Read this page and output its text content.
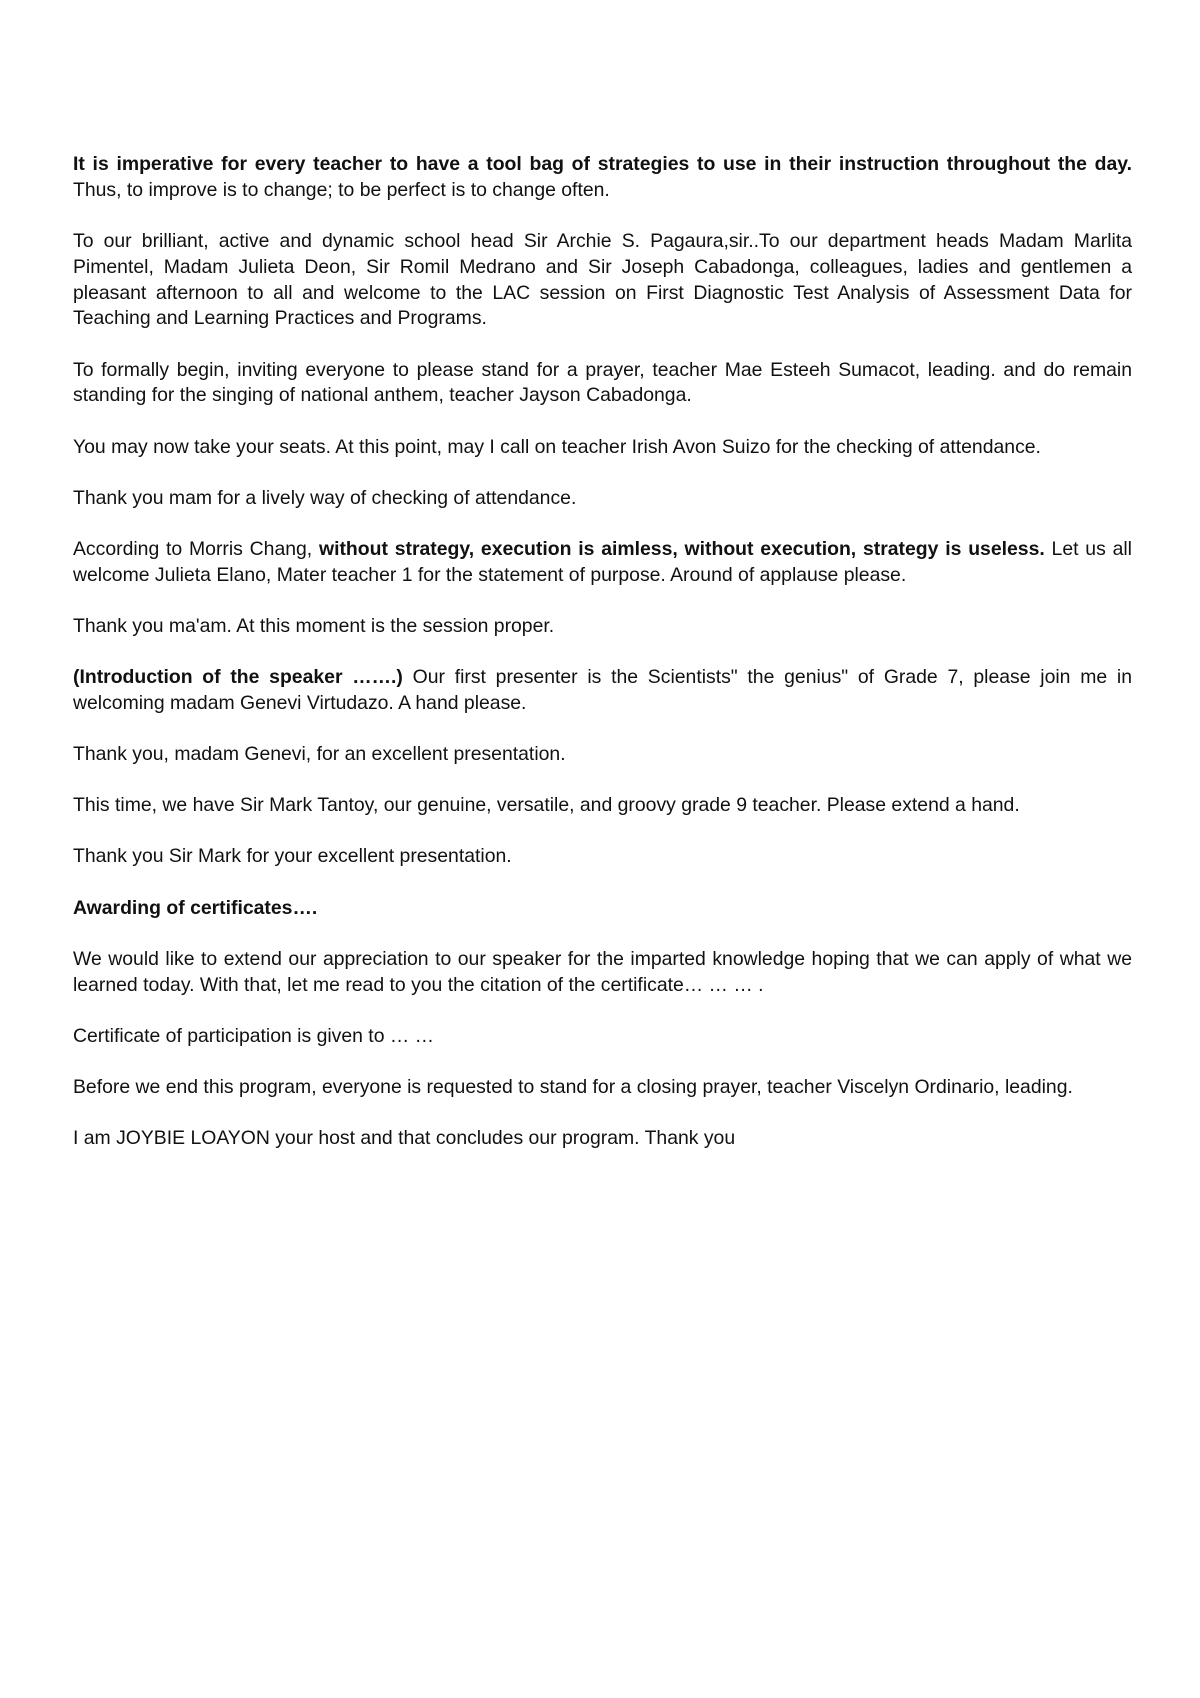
It is imperative for every teacher to have a tool bag of strategies to use in their instruction throughout the day. Thus, to improve is to change; to be perfect is to change often.

To our brilliant, active and dynamic school head Sir Archie S. Pagaura,sir..To our department heads Madam Marlita Pimentel, Madam Julieta Deon, Sir Romil Medrano and Sir Joseph Cabadonga, colleagues, ladies and gentlemen a pleasant afternoon to all and welcome to the LAC session on First Diagnostic Test Analysis of Assessment Data for Teaching and Learning Practices and Programs.

To formally begin, inviting everyone to please stand for a prayer, teacher Mae Esteeh Sumacot, leading. and do remain standing for the singing of national anthem, teacher Jayson Cabadonga.

You may now take your seats. At this point, may I call on teacher Irish Avon Suizo for the checking of attendance.

Thank you mam for a lively way of checking of attendance.

According to Morris Chang, without strategy, execution is aimless, without execution, strategy is useless. Let us all welcome Julieta Elano, Mater teacher 1 for the statement of purpose. Around of applause please.

Thank you ma'am. At this moment is the session proper.

(Introduction of the speaker …….) Our first presenter is the Scientists" the genius" of Grade 7, please join me in welcoming madam Genevi Virtudazo. A hand please.

Thank you, madam Genevi, for an excellent presentation.

This time, we have Sir Mark Tantoy, our genuine, versatile, and groovy grade 9 teacher. Please extend a hand.

Thank you Sir Mark for your excellent presentation.

Awarding of certificates….

We would like to extend our appreciation to our speaker for the imparted knowledge hoping that we can apply of what we learned today. With that, let me read to you the citation of the certificate… … … .

Certificate of participation is given to … …

Before we end this program, everyone is requested to stand for a closing prayer, teacher Viscelyn Ordinario, leading.

I am JOYBIE LOAYON your host and that concludes our program. Thank you
